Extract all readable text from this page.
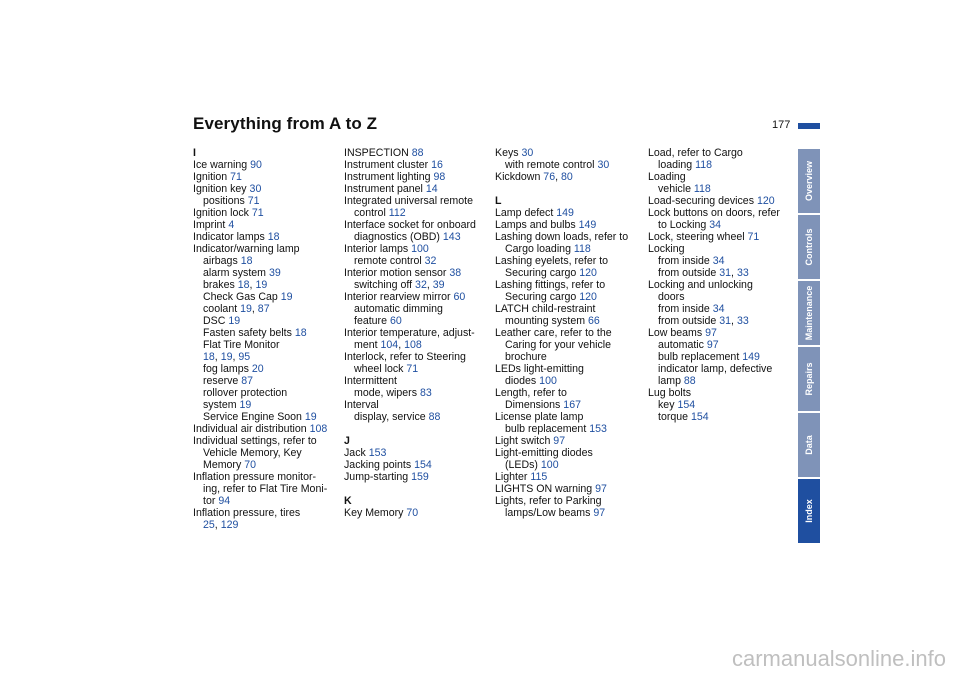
Everything from A to Z	177
I
Ice warning 90
Ignition 71
Ignition key 30
positions 71
Ignition lock 71
Imprint 4
Indicator lamps 18
Indicator/warning lamp
airbags 18
alarm system 39
brakes 18, 19
Check Gas Cap 19
coolant 19, 87
DSC 19
Fasten safety belts 18
Flat Tire Monitor
18, 19, 95
fog lamps 20
reserve 87
rollover protection
system 19
Service Engine Soon 19
Individual air distribution 108
Individual settings, refer to
Vehicle Memory, Key
Memory 70
Inflation pressure monitor-
ing, refer to Flat Tire Moni-
tor 94
Inflation pressure, tires
25, 129
INSPECTION 88
Instrument cluster 16
Instrument lighting 98
Instrument panel 14
Integrated universal remote
control 112
Interface socket for onboard
diagnostics (OBD) 143
Interior lamps 100
remote control 32
Interior motion sensor 38
switching off 32, 39
Interior rearview mirror 60
automatic dimming
feature 60
Interior temperature, adjust-
ment 104, 108
Interlock, refer to Steering
wheel lock 71
Intermittent
mode, wipers 83
Interval
display, service 88
J
Jack 153
Jacking points 154
Jump-starting 159
K
Key Memory 70
Keys 30
with remote control 30
Kickdown 76, 80
L
Lamp defect 149
Lamps and bulbs 149
Lashing down loads, refer to
Cargo loading 118
Lashing eyelets, refer to
Securing cargo 120
Lashing fittings, refer to
Securing cargo 120
LATCH child-restraint
mounting system 66
Leather care, refer to the
Caring for your vehicle
brochure
LEDs light-emitting
diodes 100
Length, refer to
Dimensions 167
License plate lamp
bulb replacement 153
Light switch 97
Light-emitting diodes
(LEDs) 100
Lighter 115
LIGHTS ON warning 97
Lights, refer to Parking
lamps/Low beams 97
Load, refer to Cargo
loading 118
Loading
vehicle 118
Load-securing devices 120
Lock buttons on doors, refer
to Locking 34
Lock, steering wheel 71
Locking
from inside 34
from outside 31, 33
Locking and unlocking
doors
from inside 34
from outside 31, 33
Low beams 97
automatic 97
bulb replacement 149
indicator lamp, defective
lamp 88
Lug bolts
key 154
torque 154
Overview
Controls
Maintenance
Repairs
Data
Index
carmanualsonline.info
